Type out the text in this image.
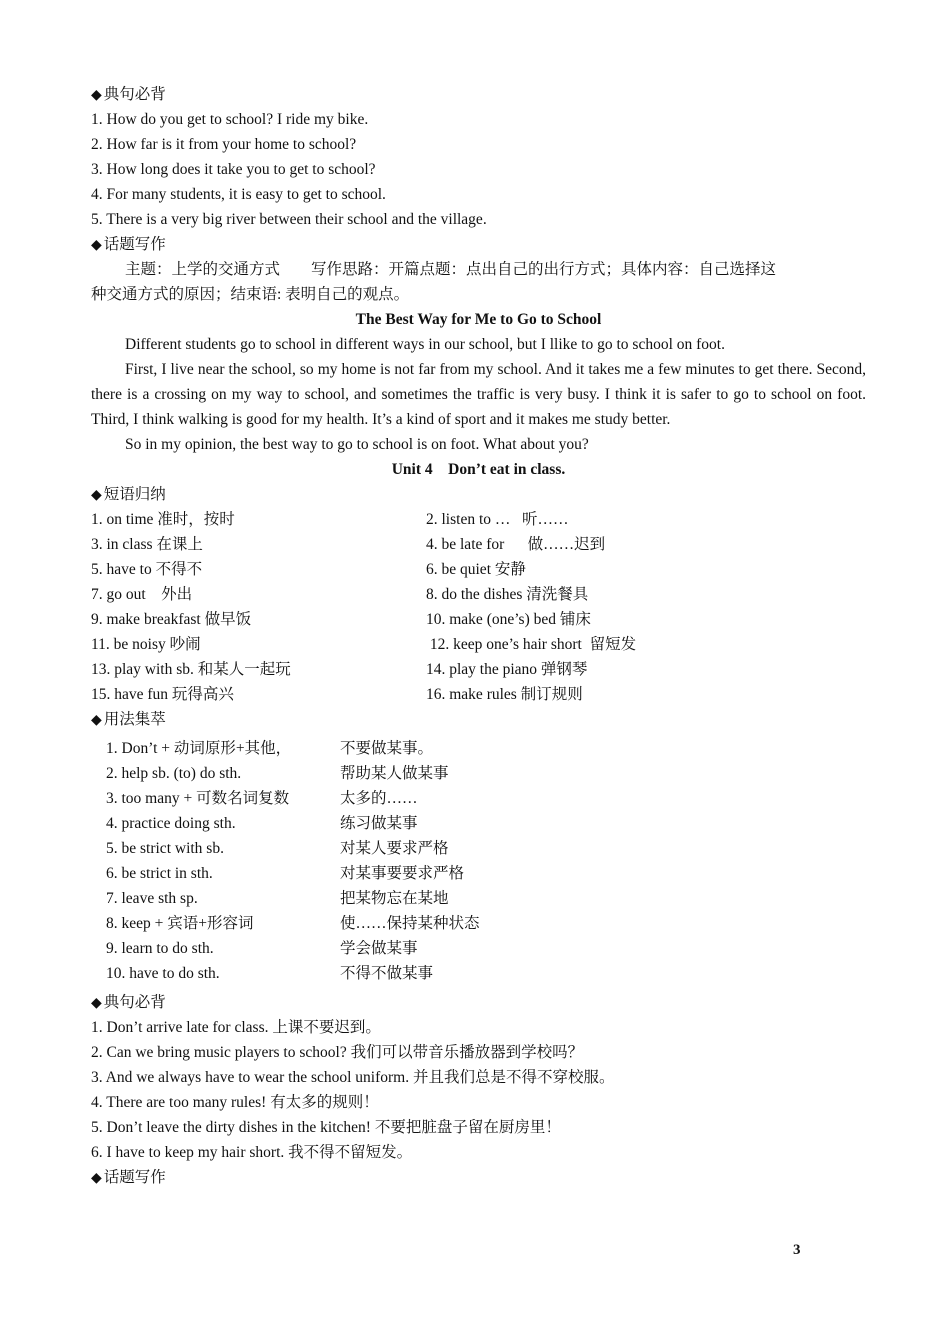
◆ 典句必背
1. How do you get to school? I ride my bike.
2. How far is it from your home to school?
3. How long does it take you to get to school?
4. For many students, it is easy to get to school.
5. There is a very big river between their school and the village.
◆ 话题写作
主题：上学的交通方式        写作思路：开篇点题：点出自己的出行方式；具体内容：自己选择这
种交通方式的原因；结束语: 表明自己的观点。
The Best Way for Me to Go to School
Different students go to school in different ways in our school, but I llike to go to school on foot.
First, I live near the school, so my home is not far from my school. And it takes me a few minutes to get there. Second, there is a crossing on my way to school, and sometimes the traffic is very busy. I think it is safer to go to school on foot. Third, I think walking is good for my health. It’s a kind of sport and it makes me study better.
So in my opinion, the best way to go to school is on foot. What about you?
Unit 4    Don’t eat in class.
◆ 短语归纳
1. on time 准时，按时	2. listen to …   听……
3. in class 在课上	4. be late for      做……迟到
5. have to 不得不	6. be quiet 安静
7. go out    外出	8. do the dishes 清洗餐具
9. make breakfast 做早饭	10. make (one’s) bed 铺床
11. be noisy 吵闹	12. keep one’s hair short  留短发
13. play with sb. 和某人一起玩	14. play the piano 弹钢琴
15. have fun 玩得高兴	16. make rules 制订规则
◆ 用法集萃
1. Don’t + 动词原形+其他，	不要做某事。
2. help sb. (to) do sth.	帮助某人做某事
3. too many + 可数名词复数	太多的……
4. practice doing sth.	练习做某事
5. be strict with sb.	对某人要求严格
6. be strict in sth.	对某事要要求严格
7. leave sth sp.	把某物忘在某地
8. keep + 宾语+形容词	使……保持某种状态
9. learn to do sth.	学会做某事
10. have to do sth.	不得不做某事
◆ 典句必背
1. Don’t arrive late for class. 上课不要迟到。
2. Can we bring music players to school? 我们可以带音乐播放器到学校吗？
3. And we always have to wear the school uniform. 并且我们总是不得不穿校服。
4. There are too many rules! 有太多的规则！
5. Don’t leave the dirty dishes in the kitchen! 不要把脏盘子留在厨房里！
6. I have to keep my hair short. 我不得不留短发。
◆ 话题写作
3
